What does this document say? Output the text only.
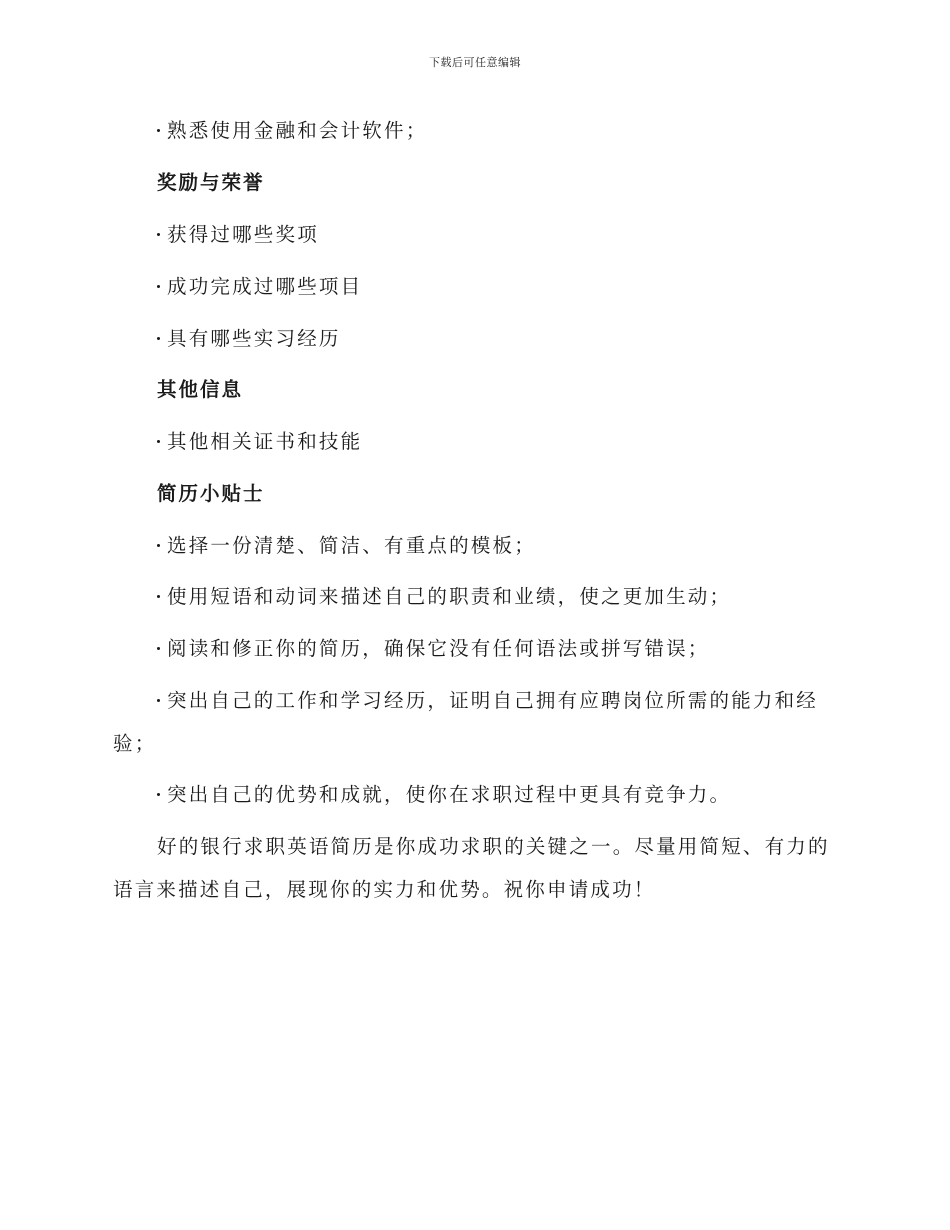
下载后可任意编辑
熟悉使用金融和会计软件；
奖励与荣誉
获得过哪些奖项
成功完成过哪些项目
具有哪些实习经历
其他信息
其他相关证书和技能
简历小贴士
选择一份清楚、简洁、有重点的模板；
使用短语和动词来描述自己的职责和业绩，使之更加生动；
阅读和修正你的简历，确保它没有任何语法或拼写错误；
突出自己的工作和学习经历，证明自己拥有应聘岗位所需的能力和经
验；
突出自己的优势和成就，使你在求职过程中更具有竞争力。
好的银行求职英语简历是你成功求职的关键之一。尽量用简短、有力的
语言来描述自己，展现你的实力和优势。祝你申请成功！
